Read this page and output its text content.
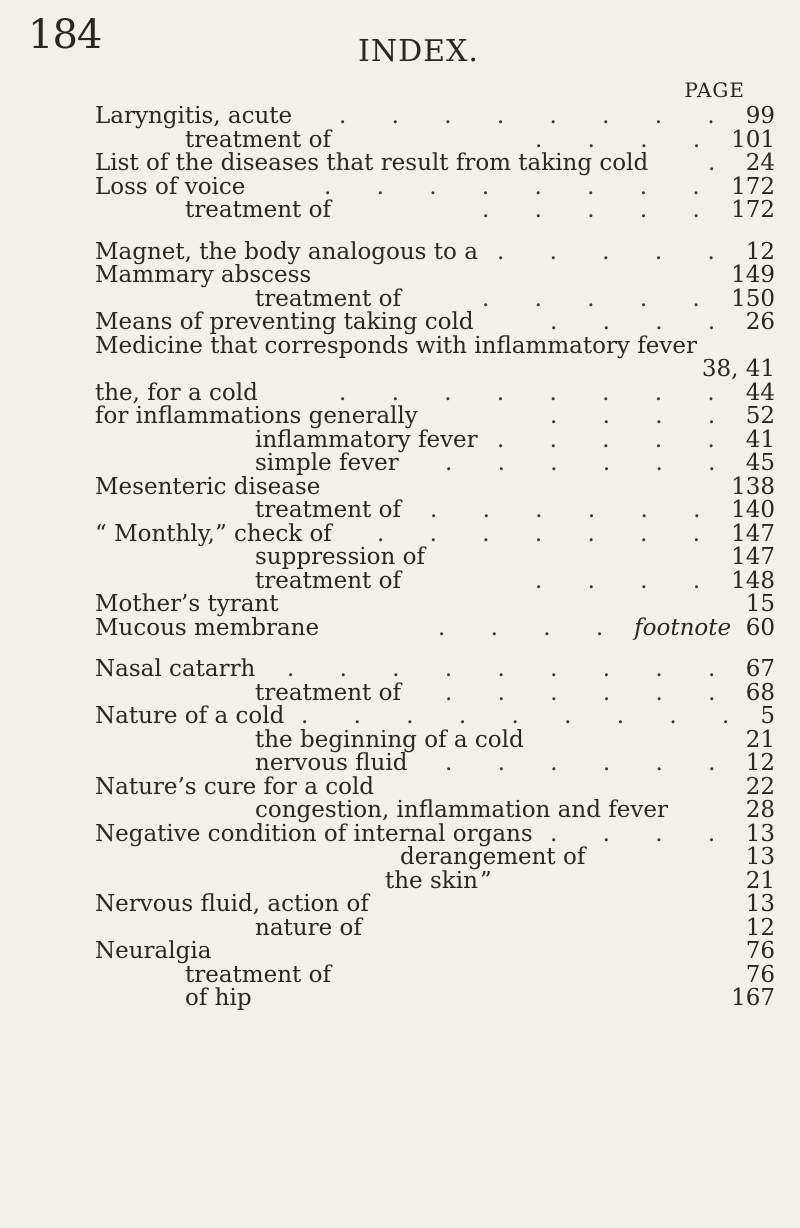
184	INDEX.
PAGE
Laryngitis, acute	99
. . . . . . . .
treatment of	101
. . . .
List of the diseases that result from taking cold	24
.
Loss of voice	172
. . . . . . . .
treatment of	172
. . . . .
Magnet, the body analogous to a	12
. . . . .
Mammary abscess	149
treatment of	150
. . . . .
Means of preventing taking cold	26
. . . .
Medicine that corresponds with inflammatory fever
38, 41
the, for a cold	44
. . . . . . . .
for inflammations generally	52
. . . .
inflammatory fever	41
. . . . .
simple fever	45
. . . . . .
Mesenteric disease	138
treatment of	140
. . . . . .
“ Monthly,” check of	147
. . . . . . .
suppression of	147
treatment of	148
. . . .
Mother’s tyrant	15
Mucous membrane	footnote 60
. . . .
Nasal catarrh	67
. . . . . . . . .
treatment of	68
. . . . . .
Nature of a cold	5
. . . . . . . . .
the beginning of a cold	21
nervous fluid	12
. . . . . .
Nature’s cure for a cold	22
congestion, inflammation and fever	28
Negative condition of internal organs	13
. . . .
derangement of	13
the skin ”	21
Nervous fluid, action of	13
nature of	12
Neuralgia	76
treatment of	76
of hip	167
